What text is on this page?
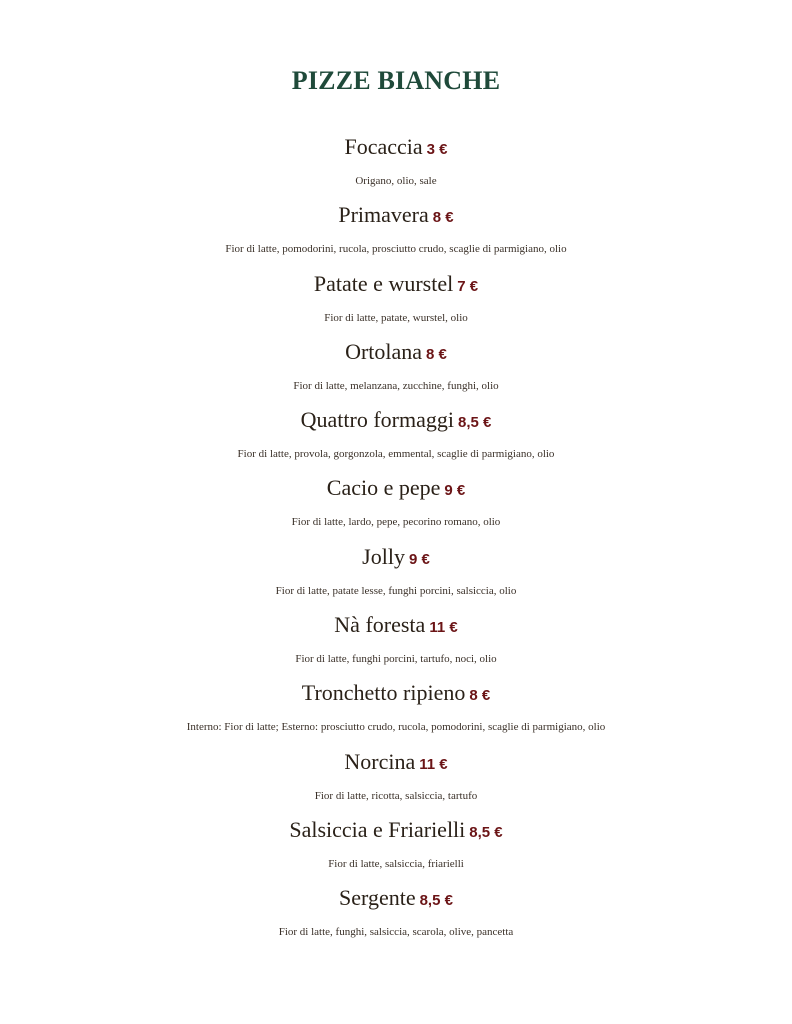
PIZZE BIANCHE
Focaccia 3 €
Origano, olio, sale
Primavera 8 €
Fior di latte, pomodorini, rucola, prosciutto crudo, scaglie di parmigiano, olio
Patate e wurstel 7 €
Fior di latte, patate, wurstel, olio
Ortolana 8 €
Fior di latte, melanzana, zucchine, funghi, olio
Quattro formaggi 8,5 €
Fior di latte, provola, gorgonzola, emmental, scaglie di parmigiano, olio
Cacio e pepe 9 €
Fior di latte, lardo, pepe, pecorino romano, olio
Jolly 9 €
Fior di latte, patate lesse, funghi porcini, salsiccia, olio
Nà foresta 11 €
Fior di latte, funghi porcini, tartufo, noci, olio
Tronchetto ripieno 8 €
Interno: Fior di latte; Esterno: prosciutto crudo, rucola, pomodorini, scaglie di parmigiano, olio
Norcina 11 €
Fior di latte, ricotta, salsiccia, tartufo
Salsiccia e Friarielli 8,5 €
Fior di latte, salsiccia, friarielli
Sergente 8,5 €
Fior di latte, funghi, salsiccia, scarola, olive, pancetta
